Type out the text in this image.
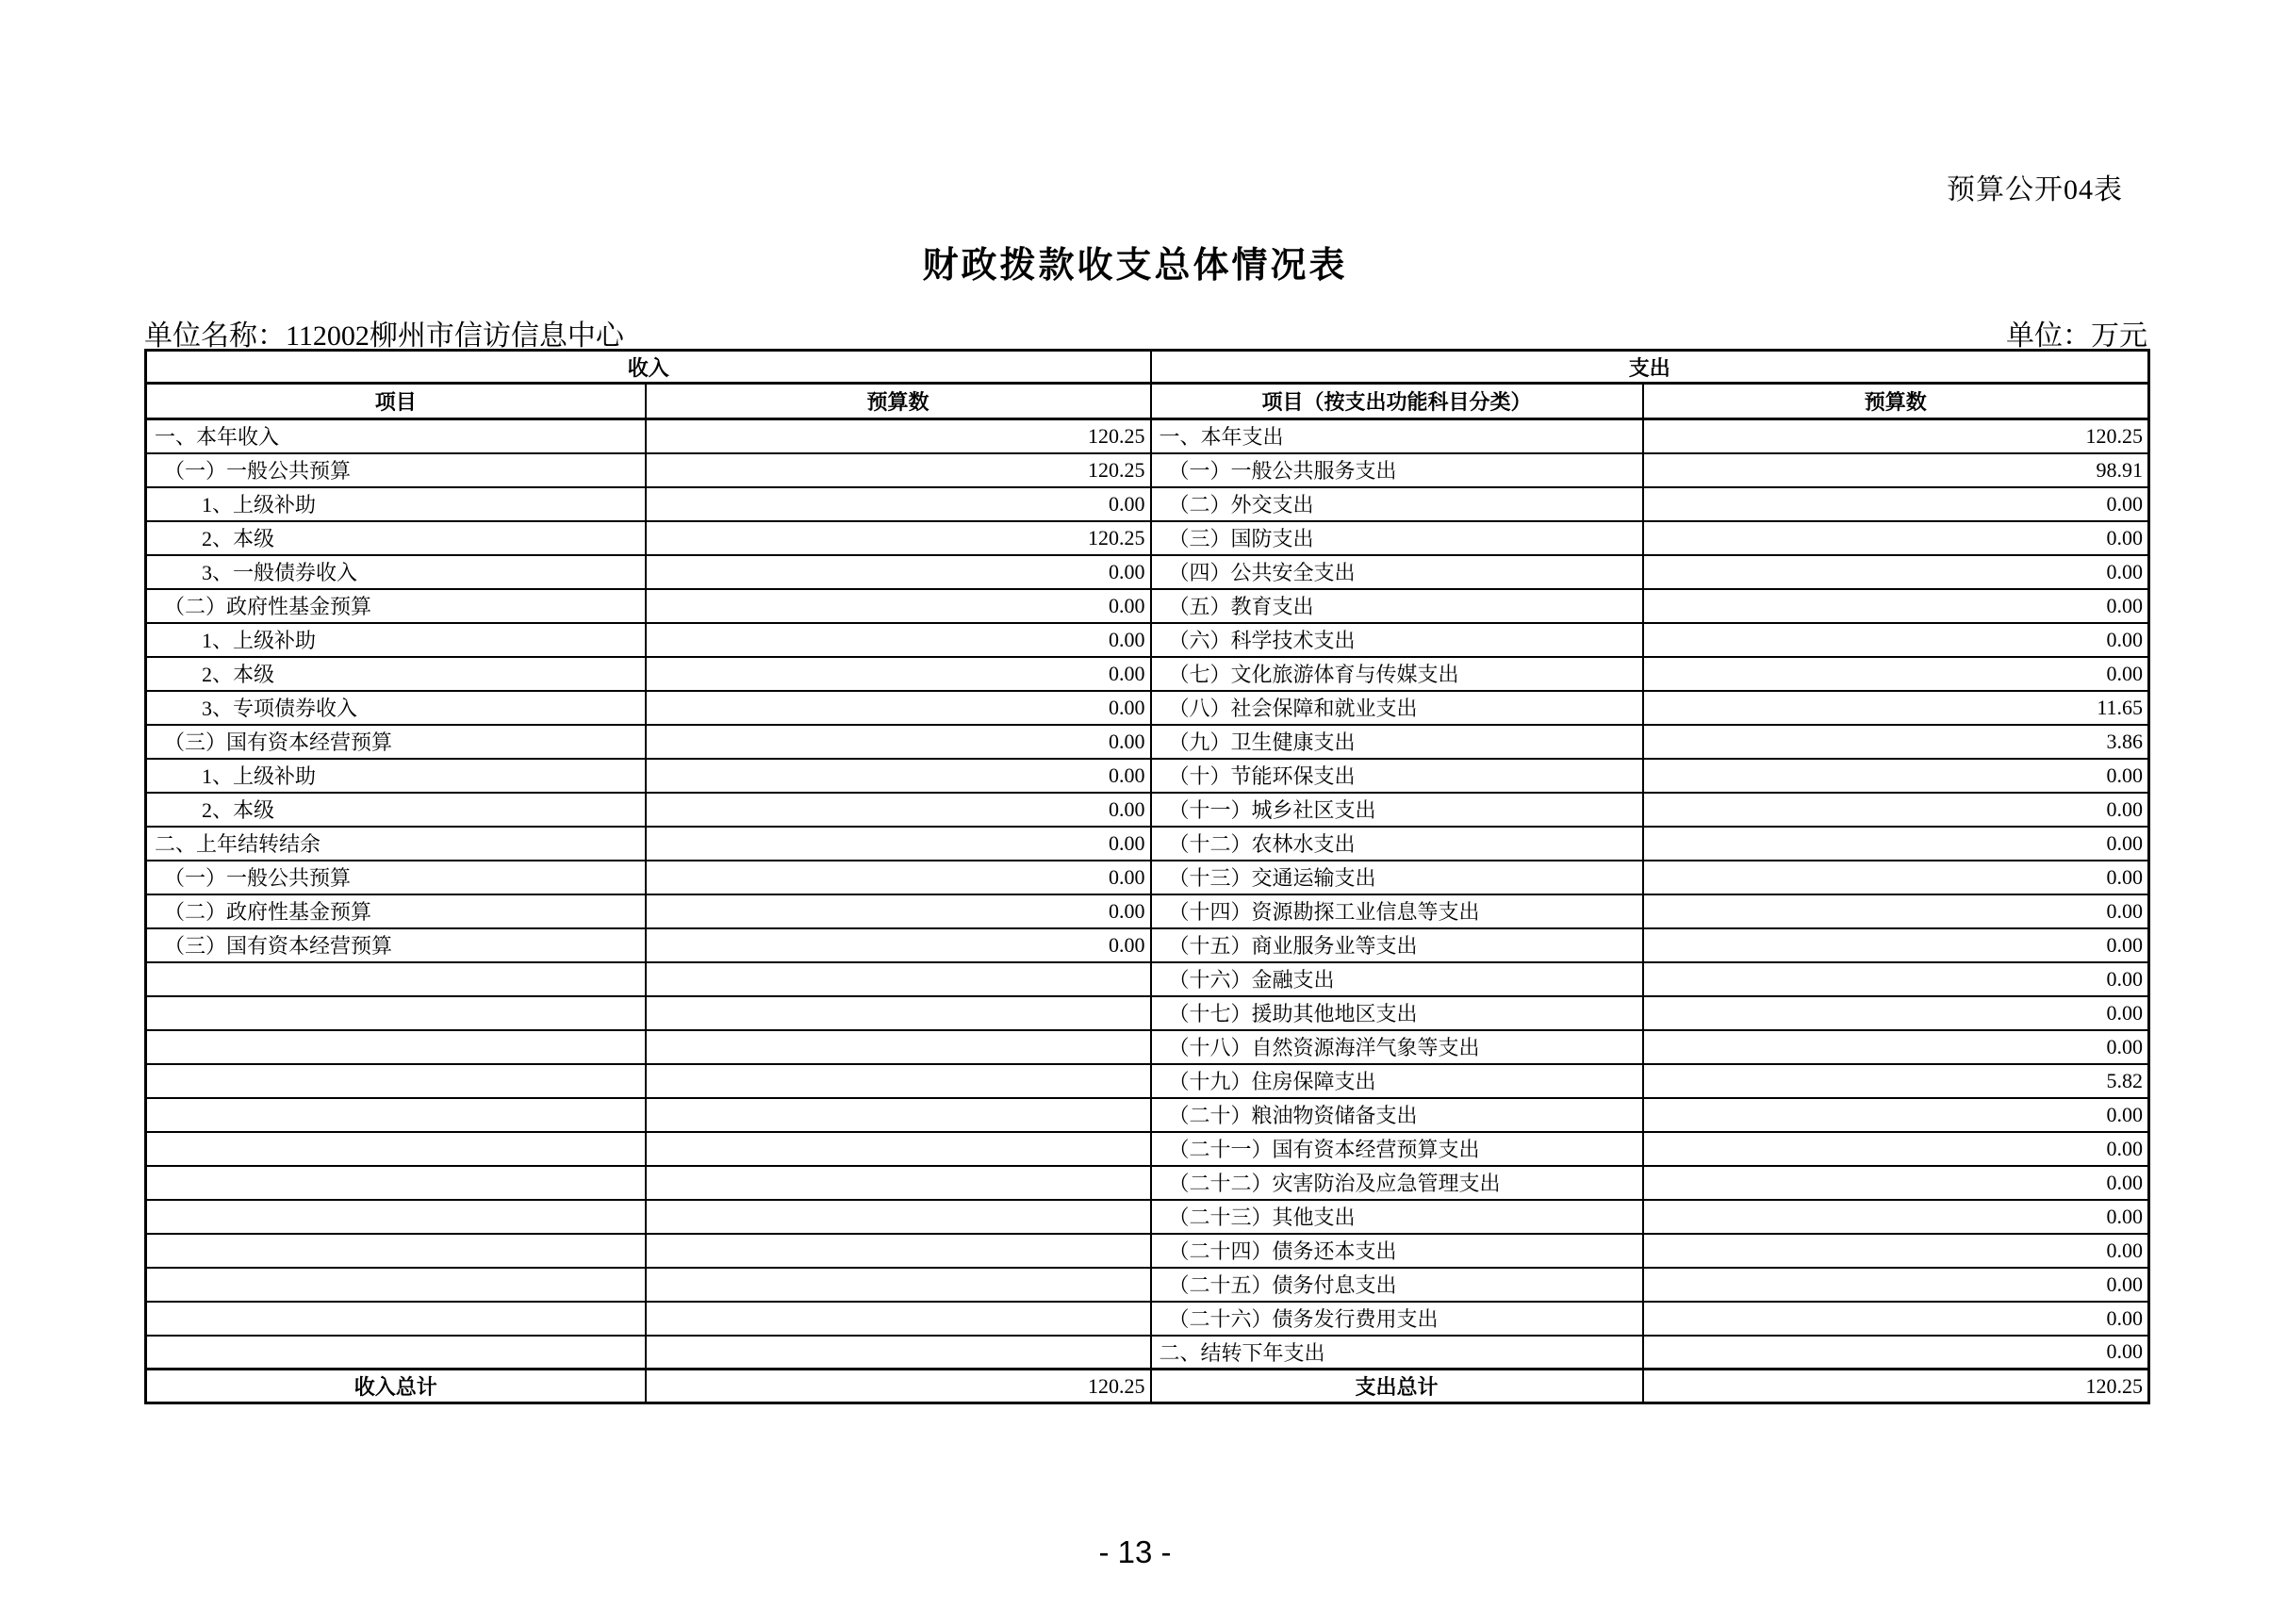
预算公开04表
财政拨款收支总体情况表
单位名称：112002柳州市信访信息中心	单位：万元
收入		支出	
项目	预算数	项目（按支出功能科目分类）	预算数
一、本年收入	120.25	一、本年支出	120.25
（一）一般公共预算	120.25	（一）一般公共服务支出	98.91
1、上级补助	0.00	（二）外交支出	0.00
2、本级	120.25	（三）国防支出	0.00
3、一般债券收入	0.00	（四）公共安全支出	0.00
（二）政府性基金预算	0.00	（五）教育支出	0.00
1、上级补助	0.00	（六）科学技术支出	0.00
2、本级	0.00	（七）文化旅游体育与传媒支出	0.00
3、专项债券收入	0.00	（八）社会保障和就业支出	11.65
（三）国有资本经营预算	0.00	（九）卫生健康支出	3.86
1、上级补助	0.00	（十）节能环保支出	0.00
2、本级	0.00	（十一）城乡社区支出	0.00
二、上年结转结余	0.00	（十二）农林水支出	0.00
（一）一般公共预算	0.00	（十三）交通运输支出	0.00
（二）政府性基金预算	0.00	（十四）资源勘探工业信息等支出	0.00
（三）国有资本经营预算	0.00	（十五）商业服务业等支出	0.00
		（十六）金融支出	0.00
		（十七）援助其他地区支出	0.00
		（十八）自然资源海洋气象等支出	0.00
		（十九）住房保障支出	5.82
		（二十）粮油物资储备支出	0.00
		（二十一）国有资本经营预算支出	0.00
		（二十二）灾害防治及应急管理支出	0.00
		（二十三）其他支出	0.00
		（二十四）债务还本支出	0.00
		（二十五）债务付息支出	0.00
		（二十六）债务发行费用支出	0.00
		二、结转下年支出	0.00
收入总计	120.25	支出总计	120.25
- 13 -
